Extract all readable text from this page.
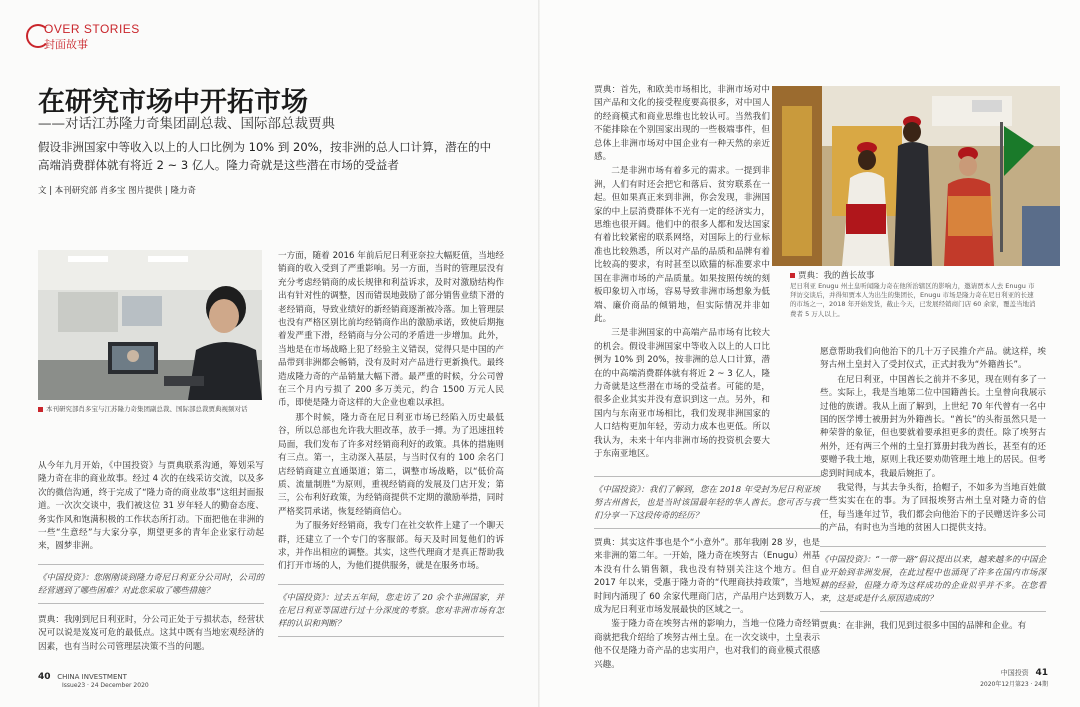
OVER STORIES
封面故事
在研究市场中开拓市场
——对话江苏隆力奇集团副总裁、国际部总裁贾典
假设非洲国家中等收入以上的人口比例为 10% 到 20%，按非洲的总人口计算，潜在的中高端消费群体就有将近 2 ~ 3 亿人。隆力奇就是这些潜在市场的受益者
文 | 本刊研究部 肖多宝 图片提供 | 隆力奇
本刊研究部肖多宝与江苏隆力奇集团副总裁、国际部总裁贾典视频对话
从今年九月开始，《中国投资》与贾典联系沟通，筹划采写隆力奇在非的商业故事。经过 4 次的在线采访交流，以及多次的微信沟通，终于完成了“隆力奇的商业故事”这组封面报道。一次次交谈中，我们被这位 31 岁年轻人的勤奋态度、务实作风和饱满积极的工作状态所打动。下面把他在非洲的一些“生意经”与大家分享，期望更多的青年企业家行动起来，圆梦非洲。
《中国投资》：您刚刚谈到隆力奇尼日利亚分公司时，公司的经营遇到了哪些困难？对此您采取了哪些措施？
贾典：我刚到尼日利亚时，分公司正处于亏损状态，经营状况可以说是岌岌可危的最低点。这其中既有当地宏观经济的因素，也有当时公司管理层决策不当的问题。
一方面，随着 2016 年前后尼日利亚奈拉大幅贬值，当地经销商的收入受到了严重影响。另一方面，当时的管理层没有充分考虑经销商的成长规律和利益诉求，及时对激励结构作出有针对性的调整，因而错误地鼓励了部分销售业绩下滑的老经销商，导致业绩好的新经销商逐渐被冷落。加上管理层也没有严格区别比前均经销商作出的激励承诺，致使后期拖着发严重下滑，经销商与分公司的矛盾进一步增加。此外，当地是在市场战略上犯了经验主义错误，觉得只是中国的产品带到非洲都会畅销，没有及时对产品进行更新换代。最终造成隆力奇的产品销量大幅下滑。最严重的时候，分公司曾在三个月内亏损了 200 多万美元，约合 1500 万元人民币，即使是隆力奇这样的大企业也难以承担。
那个时候，隆力奇在尼日利亚市场已经陷入历史最低谷，所以总部也允许我大胆改革，放手一搏。为了迅速扭转局面，我们发布了许多对经销商利好的政策。具体的措施则有三点。第一，主动深入基层，与当时仅有的 100 余名门店经销商建立直通渠道；第二，调整市场战略，以“低价高质、流量制胜”为原则，重视经销商的发展及门店开发；第三，公布利好政策，为经销商提供不定期的激励举措，同时严格奖罚承诺，恢复经销商信心。
为了服务好经销商，我专门在社交软件上建了一个聊天群，还建立了一个专门的客服部。每天及时回复他们的诉求，并作出相应的调整。其实，这些代理商才是真正帮助我们打开市场的人，为他们提供服务，就是在服务市场。
《中国投资》：过去五年间，您走访了 20 余个非洲国家，并在尼日利亚等国进行过十分深度的考察。您对非洲市场有怎样的认识和判断？
40 CHINA INVESTMENT
Issue23 · 24 December 2020
贾典：首先，和欧美市场相比，非洲市场对中国产品和文化的接受程度要高很多，对中国人的经商模式和商业思维也比较认可。当然我们不能排除在个别国家出现的一些极端事件，但总体上非洲市场对中国企业有一种天然的亲近感。
二是非洲市场有着多元的需求。一提到非洲，人们有时还会把它和落后、贫穷联系在一起。但如果真正来到非洲，你会发现，非洲国家的中上层消费群体不光有一定的经济实力，思维也很开阔。他们中的很多人都和发达国家有着比较紧密的联系网络，对国际上的行业标准也比较熟悉，所以对产品的品质和品牌有着比较高的要求，有时甚至以欧猫的标准要求中国在非洲市场的产品质量。如果按照传统的刻板印象切入市场，容易导致非洲市场想象为低端、廉价商品的倾销地，但实际情况并非如此。
三是非洲国家的中高端产品市场有比较大的机会。假设非洲国家中等收入以上的人口比例为 10% 到 20%，按非洲的总人口计算，潜在的中高端消费群体就有将近 2 ~ 3 亿人，隆力奇就是这些潜在市场的受益者。可能的是，很多企业其实并没有意识到这一点。另外，和国内与东南亚市场相比，我们发现非洲国家的人口结构更加年轻，劳动力成本也更低。所以我认为，未来十年内非洲市场的投资机会要大于东南亚地区。
《中国投资》：我们了解到，您在 2018 年受封为尼日利亚埃努古州酋长，也是当时该国最年轻的华人酋长。您可否与我们分享一下这段传奇的经历？
贾典：其实这件事也是个“小意外”。那年我刚 28 岁，也是来非洲的第二年。一开始，隆力奇在埃努古（Enugu）州基本没有什么销售额，我也没有特别关注这个地方。但自 2017 年以来，受惠于隆力奇的“代理商扶持政策”，当地短时间内涌现了 60 余家代理商门店，产品用户达到数万人，成为尼日利亚市场发展最快的区域之一。
鉴于隆力奇在埃努古州的影响力，当地一位隆力奇经销商就把我介绍给了埃努古州土皇。在一次交谈中，土皇表示他不仅是隆力奇产品的忠实用户，也对我们的商业模式很感兴趣。
贾典：我的酋长故事
尼日利亚 Enugu 州土皇听闻隆力奇在他所治辖区的影响力，邀请贾本人去 Enugu 市拜访交谈后，并得知贾本人为出生的集团长，Enugu 市场是隆力奇在尼日利亚的长速的市场之一，2018 年开始发货，截止今天，已发展经销商门店 60 余家，覆盖当地消费者 5 万人以上。
愿意帮助我们向他治下的几十万子民推介产品。就这样，埃努古州土皇封入了受封仪式，正式封我为“外籍酋长”。
在尼日利亚，中国酋长之前并不多见，现在则有多了一些。实际上，我是当地第二位中国籍酋长。土皇曾向我展示过他的族谱。我从上面了解到，上世纪 70 年代曾有一名中国的医学博士被册封为外籍酋长。“酋长”的头衔虽然只是一种荣誉的象征，但也要就着要承担更多的责任。除了埃努古州外，还有两三个州的土皇打算册封我为酋长，甚至有的还要赠予我土地，原则上我还要劝勋管理土地上的居民。但考虑到时间成本，我最后婉拒了。
我觉得，与其去争头衔，拾帽子，不如多为当地百姓做一些实实在在的事。为了回报埃努古州土皇对隆力奇的信任，每当逢年过节，我们都会向他治下的子民赠送许多公司的产品，有时也为当地的贫困人口提供支持。
《中国投资》：“一带一路”倡议提出以来，越来越多的中国企业开始到非洲发展，在此过程中也涌现了许多在国内市场深耕的经验，但隆力奇为这样成功的企业似乎并不多。在您看来，这是或是什么原因造成的？
贾典：在非洲，我们见到过很多中国的品牌和企业。有
中国投资 41
2020年12月第23 · 24期
